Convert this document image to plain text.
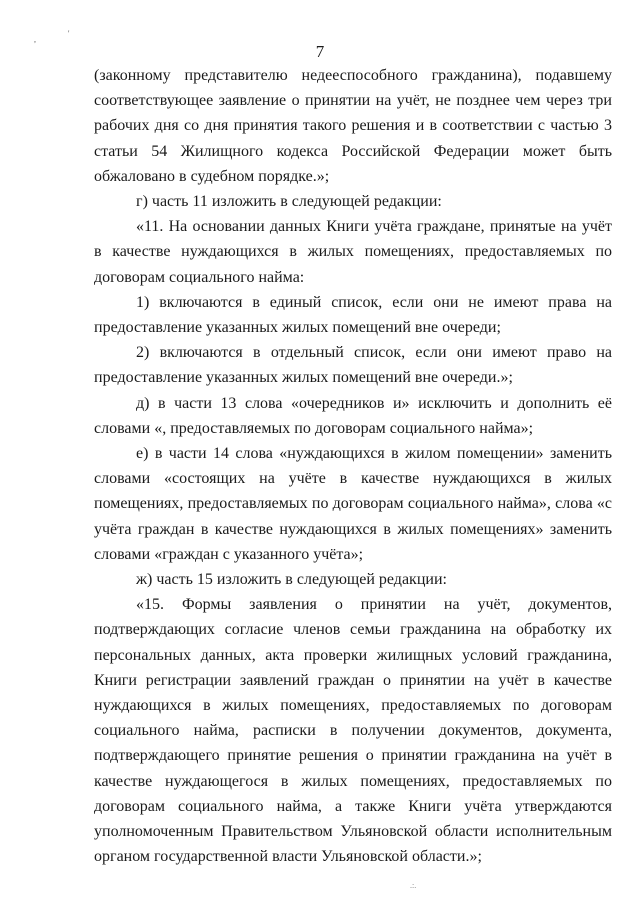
,
'
7

(законному представителю недееспособного гражданина), подавшему соответствующее заявление о принятии на учёт, не позднее чем через три рабочих дня со дня принятия такого решения и в соответствии с частью 3 статьи 54 Жилищного кодекса Российской Федерации может быть обжаловано в судебном порядке.»;

г) часть 11 изложить в следующей редакции:

«11. На основании данных Книги учёта граждане, принятые на учёт в качестве нуждающихся в жилых помещениях, предоставляемых по договорам социального найма:

1) включаются в единый список, если они не имеют права на предоставление указанных жилых помещений вне очереди;

2) включаются в отдельный список, если они имеют право на предоставление указанных жилых помещений вне очереди.»;

д) в части 13 слова «очередников и» исключить и дополнить её словами «, предоставляемых по договорам социального найма»;

е) в части 14 слова «нуждающихся в жилом помещении» заменить словами «состоящих на учёте в качестве нуждающихся в жилых помещениях, предоставляемых по договорам социального найма», слова «с учёта граждан в качестве нуждающихся в жилых помещениях» заменить словами «граждан с указанного учёта»;

ж) часть 15 изложить в следующей редакции:

«15. Формы заявления о принятии на учёт, документов, подтверждающих согласие членов семьи гражданина на обработку их персональных данных, акта проверки жилищных условий гражданина, Книги регистрации заявлений граждан о принятии на учёт в качестве нуждающихся в жилых помещениях, предоставляемых по договорам социального найма, расписки в получении документов, документа, подтверждающего принятие решения о принятии гражданина на учёт в качестве нуждающегося в жилых помещениях, предоставляемых по договорам социального найма, а также Книги учёта утверждаются уполномоченным Правительством Ульяновской области исполнительным органом государственной власти Ульяновской области.»;

.:.
